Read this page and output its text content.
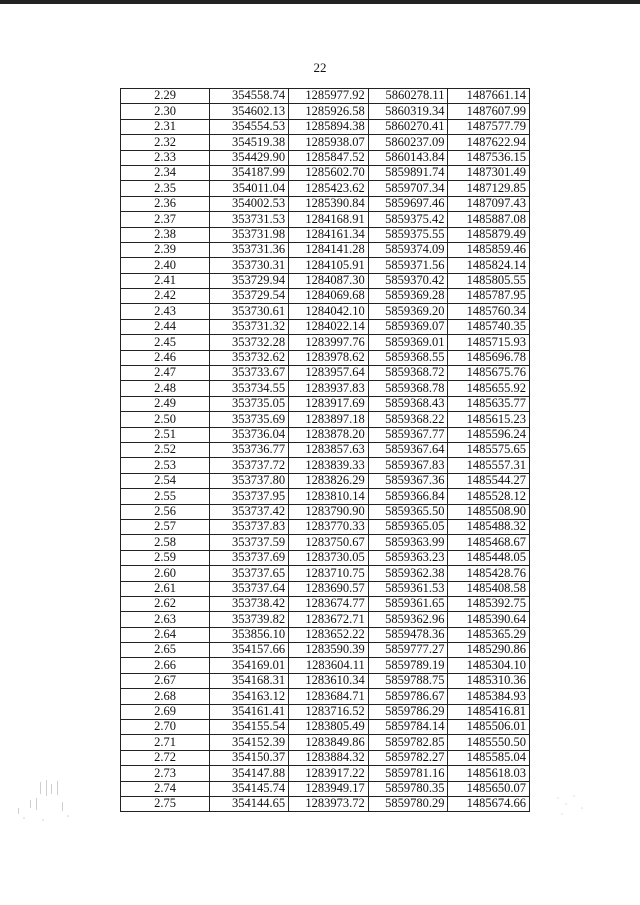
22
2.29	354558.74	1285977.92	5860278.11	1487661.14
2.30	354602.13	1285926.58	5860319.34	1487607.99
2.31	354554.53	1285894.38	5860270.41	1487577.79
2.32	354519.38	1285938.07	5860237.09	1487622.94
2.33	354429.90	1285847.52	5860143.84	1487536.15
2.34	354187.99	1285602.70	5859891.74	1487301.49
2.35	354011.04	1285423.62	5859707.34	1487129.85
2.36	354002.53	1285390.84	5859697.46	1487097.43
2.37	353731.53	1284168.91	5859375.42	1485887.08
2.38	353731.98	1284161.34	5859375.55	1485879.49
2.39	353731.36	1284141.28	5859374.09	1485859.46
2.40	353730.31	1284105.91	5859371.56	1485824.14
2.41	353729.94	1284087.30	5859370.42	1485805.55
2.42	353729.54	1284069.68	5859369.28	1485787.95
2.43	353730.61	1284042.10	5859369.20	1485760.34
2.44	353731.32	1284022.14	5859369.07	1485740.35
2.45	353732.28	1283997.76	5859369.01	1485715.93
2.46	353732.62	1283978.62	5859368.55	1485696.78
2.47	353733.67	1283957.64	5859368.72	1485675.76
2.48	353734.55	1283937.83	5859368.78	1485655.92
2.49	353735.05	1283917.69	5859368.43	1485635.77
2.50	353735.69	1283897.18	5859368.22	1485615.23
2.51	353736.04	1283878.20	5859367.77	1485596.24
2.52	353736.77	1283857.63	5859367.64	1485575.65
2.53	353737.72	1283839.33	5859367.83	1485557.31
2.54	353737.80	1283826.29	5859367.36	1485544.27
2.55	353737.95	1283810.14	5859366.84	1485528.12
2.56	353737.42	1283790.90	5859365.50	1485508.90
2.57	353737.83	1283770.33	5859365.05	1485488.32
2.58	353737.59	1283750.67	5859363.99	1485468.67
2.59	353737.69	1283730.05	5859363.23	1485448.05
2.60	353737.65	1283710.75	5859362.38	1485428.76
2.61	353737.64	1283690.57	5859361.53	1485408.58
2.62	353738.42	1283674.77	5859361.65	1485392.75
2.63	353739.82	1283672.71	5859362.96	1485390.64
2.64	353856.10	1283652.22	5859478.36	1485365.29
2.65	354157.66	1283590.39	5859777.27	1485290.86
2.66	354169.01	1283604.11	5859789.19	1485304.10
2.67	354168.31	1283610.34	5859788.75	1485310.36
2.68	354163.12	1283684.71	5859786.67	1485384.93
2.69	354161.41	1283716.52	5859786.29	1485416.81
2.70	354155.54	1283805.49	5859784.14	1485506.01
2.71	354152.39	1283849.86	5859782.85	1485550.50
2.72	354150.37	1283884.32	5859782.27	1485585.04
2.73	354147.88	1283917.22	5859781.16	1485618.03
2.74	354145.74	1283949.17	5859780.35	1485650.07
2.75	354144.65	1283973.72	5859780.29	1485674.66
